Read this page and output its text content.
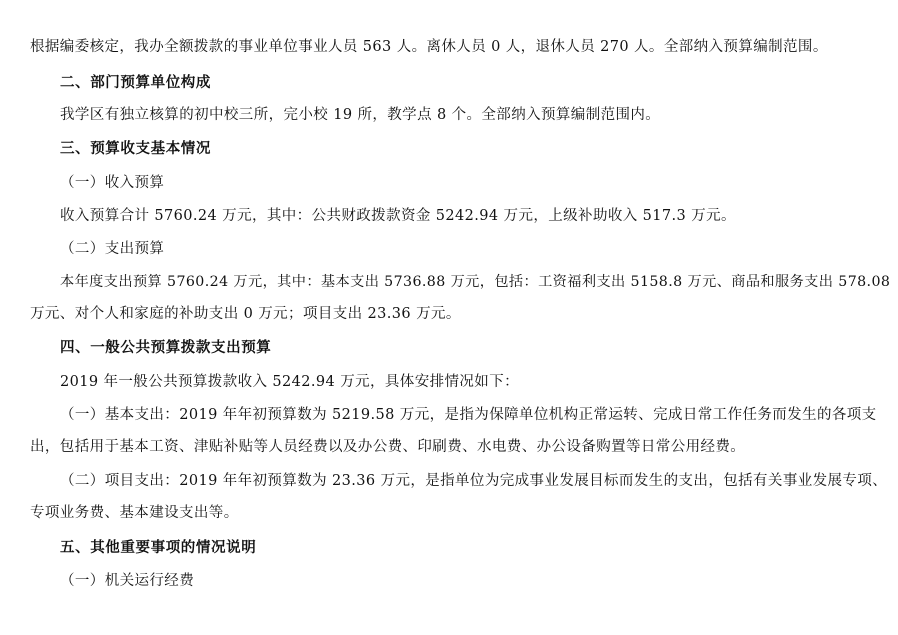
根据编委核定，我办全额拨款的事业单位事业人员 563 人。离休人员 0 人，退休人员 270 人。全部纳入预算编制范围。
二、部门预算单位构成
我学区有独立核算的初中校三所，完小校 19 所，教学点 8 个。全部纳入预算编制范围内。
三、预算收支基本情况
（一）收入预算
收入预算合计 5760.24 万元，其中：公共财政拨款资金 5242.94 万元，上级补助收入 517.3 万元。
（二）支出预算
本年度支出预算 5760.24 万元，其中：基本支出 5736.88 万元，包括：工资福利支出 5158.8 万元、商品和服务支出 578.08
万元、对个人和家庭的补助支出 0 万元；项目支出 23.36 万元。
四、一般公共预算拨款支出预算
2019 年一般公共预算拨款收入 5242.94 万元，具体安排情况如下：
（一）基本支出：2019 年年初预算数为 5219.58 万元，是指为保障单位机构正常运转、完成日常工作任务而发生的各项支
出，包括用于基本工资、津贴补贴等人员经费以及办公费、印刷费、水电费、办公设备购置等日常公用经费。
（二）项目支出：2019 年年初预算数为 23.36 万元，是指单位为完成事业发展目标而发生的支出，包括有关事业发展专项、
专项业务费、基本建设支出等。
五、其他重要事项的情况说明
（一）机关运行经费
